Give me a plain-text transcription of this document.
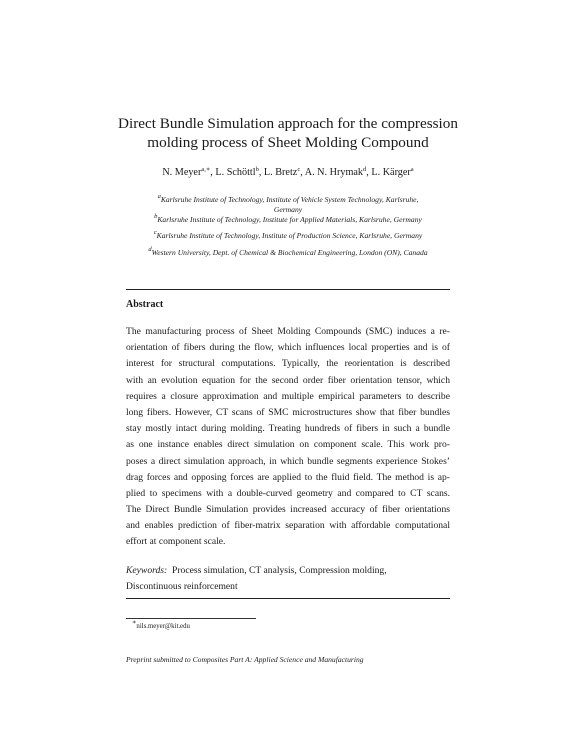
Direct Bundle Simulation approach for the compression
molding process of Sheet Molding Compound
N. Meyer$^{a,∗}$, L. Schöttl$^b$, L. Bretz$^c$, A. N. Hrymak$^d$, L. Kärger$^a$
$^a$Karlsruhe Institute of Technology, Institute of Vehicle System Technology, Karlsruhe,
Germany
$^b$Karlsruhe Institute of Technology, Institute for Applied Materials, Karlsruhe, Germany
$^c$Karlsruhe Institute of Technology, Institute of Production Science, Karlsruhe, Germany
$^d$Western University, Dept. of Chemical & Biochemical Engineering, London (ON), Canada
Abstract
The manufacturing process of Sheet Molding Compounds (SMC) induces a re-
orientation of fibers during the flow, which influences local properties and is of
interest for structural computations. Typically, the reorientation is described
with an evolution equation for the second order fiber orientation tensor, which
requires a closure approximation and multiple empirical parameters to describe
long fibers. However, CT scans of SMC microstructures show that fiber bundles
stay mostly intact during molding. Treating hundreds of fibers in such a bundle
as one instance enables direct simulation on component scale. This work pro-
poses a direct simulation approach, in which bundle segments experience Stokes’
drag forces and opposing forces are applied to the fluid field. The method is ap-
plied to specimens with a double-curved geometry and compared to CT scans.
The Direct Bundle Simulation provides increased accuracy of fiber orientations
and enables prediction of fiber-matrix separation with affordable computational
effort at component scale.
Keywords: Process simulation, CT analysis, Compression molding,
Discontinuous reinforcement
∗nils.meyer@kit.edu
Preprint submitted to Composites Part A: Applied Science and Manufacturing
